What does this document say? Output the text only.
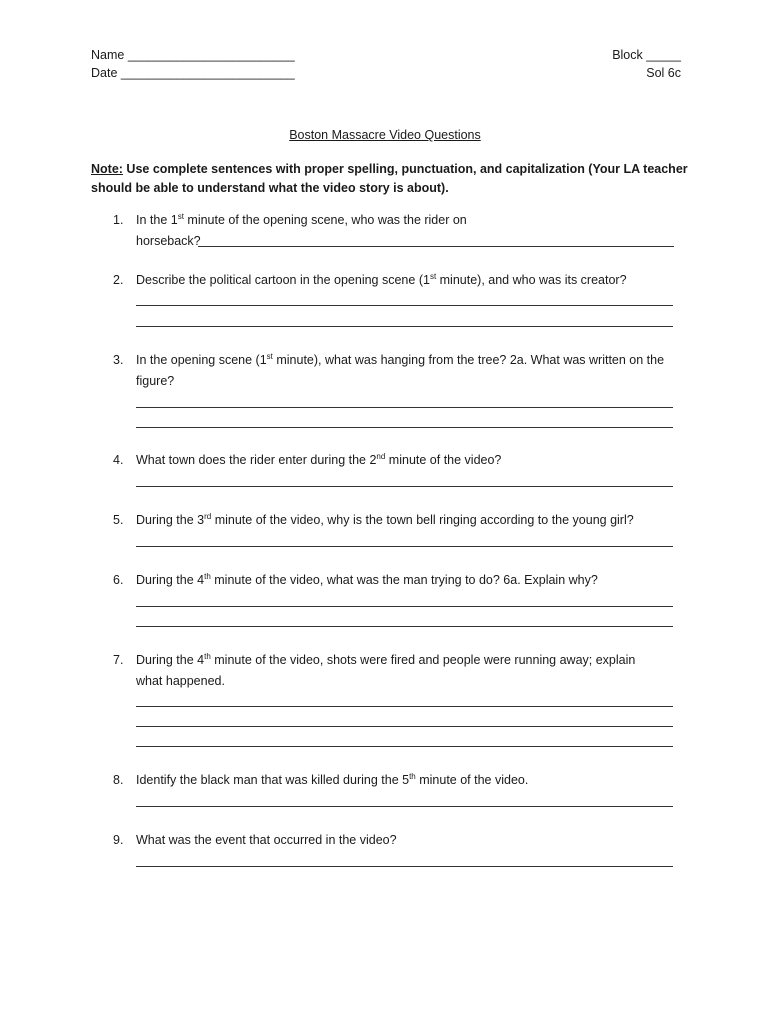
Name ________________________
Date _________________________
Block _____
Sol 6c
Boston Massacre Video Questions
Note: Use complete sentences with proper spelling, punctuation, and capitalization (Your LA teacher should be able to understand what the video story is about).
1. In the 1st minute of the opening scene, who was the rider on
horseback?
2. Describe the political cartoon in the opening scene (1st minute), and who was its creator?
3. In the opening scene (1st minute), what was hanging from the tree? 2a. What was written on the
figure?
4. What town does the rider enter during the 2nd minute of the video?
5. During the 3rd minute of the video, why is the town bell ringing according to the young girl?
6. During the 4th minute of the video, what was the man trying to do? 6a. Explain why?
7. During the 4th minute of the video, shots were fired and people were running away; explain
what happened.
8. Identify the black man that was killed during the 5th minute of the video.
9. What was the event that occurred in the video?
